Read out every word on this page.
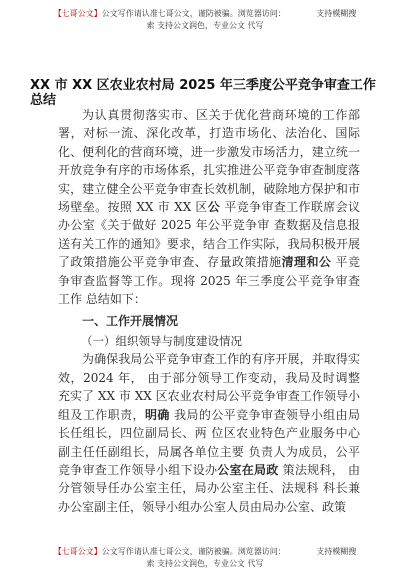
【七哥公文】公文写作请认准七哥公文，谨防被骗。浏览器访问：	支持模糊搜
索 支持公文润色，专业公文 代写
XX 市 XX 区农业农村局 2025 年三季度公平竞争审查工作总结

为认真贯彻落实市、区关于优化营商环境的工作部署，对标一流、深化改革，打造市场化、法治化、国际化、便利化的营商环境，进一步激发市场活力，建立统一开放竞争有序的市场体系，扎实推进公平竞争审查制度落实，建立健全公平竞争审查长效机制，破除地方保护和市场壁垒。按照 XX 市 XX 区公 平竞争审查工作联席会议办公室《关于做好 2025 年公平竞争审 查数据及信息报送有关工作的通知》要求，结合工作实际，我局积极开展了政策措施公平竞争审查、存量政策措施清理和公 平竞争审查监督等工作。现将 2025 年三季度公平竞争审查工作 总结如下：

一、工作开展情况
（一）组织领导与制度建设情况

为确保我局公平竞争审查工作的有序开展，并取得实效，2024 年， 由于部分领导工作变动，我局及时调整充实了 XX 市 XX 区农业农村局公平竞争审查工作领导小组及工作职责，明确 我局的公平竞争审查领导小组由局长任组长，四位副局长、两 位区农业特色产业服务中心副主任任副组长，局属各单位主要 负责人为成员，公平竞争审查工作领导小组下设办公室在局政 策法规科， 由分管领导任办公室主任，局办公室主任、法规科 科长兼办公室副主任，领导小组办公室人员由局办公室、政策

【七哥公文】公文写作请认准七哥公文，谨防被骗。浏览器访问：	支持模糊搜
索 支持公文润色，专业公文 代写
